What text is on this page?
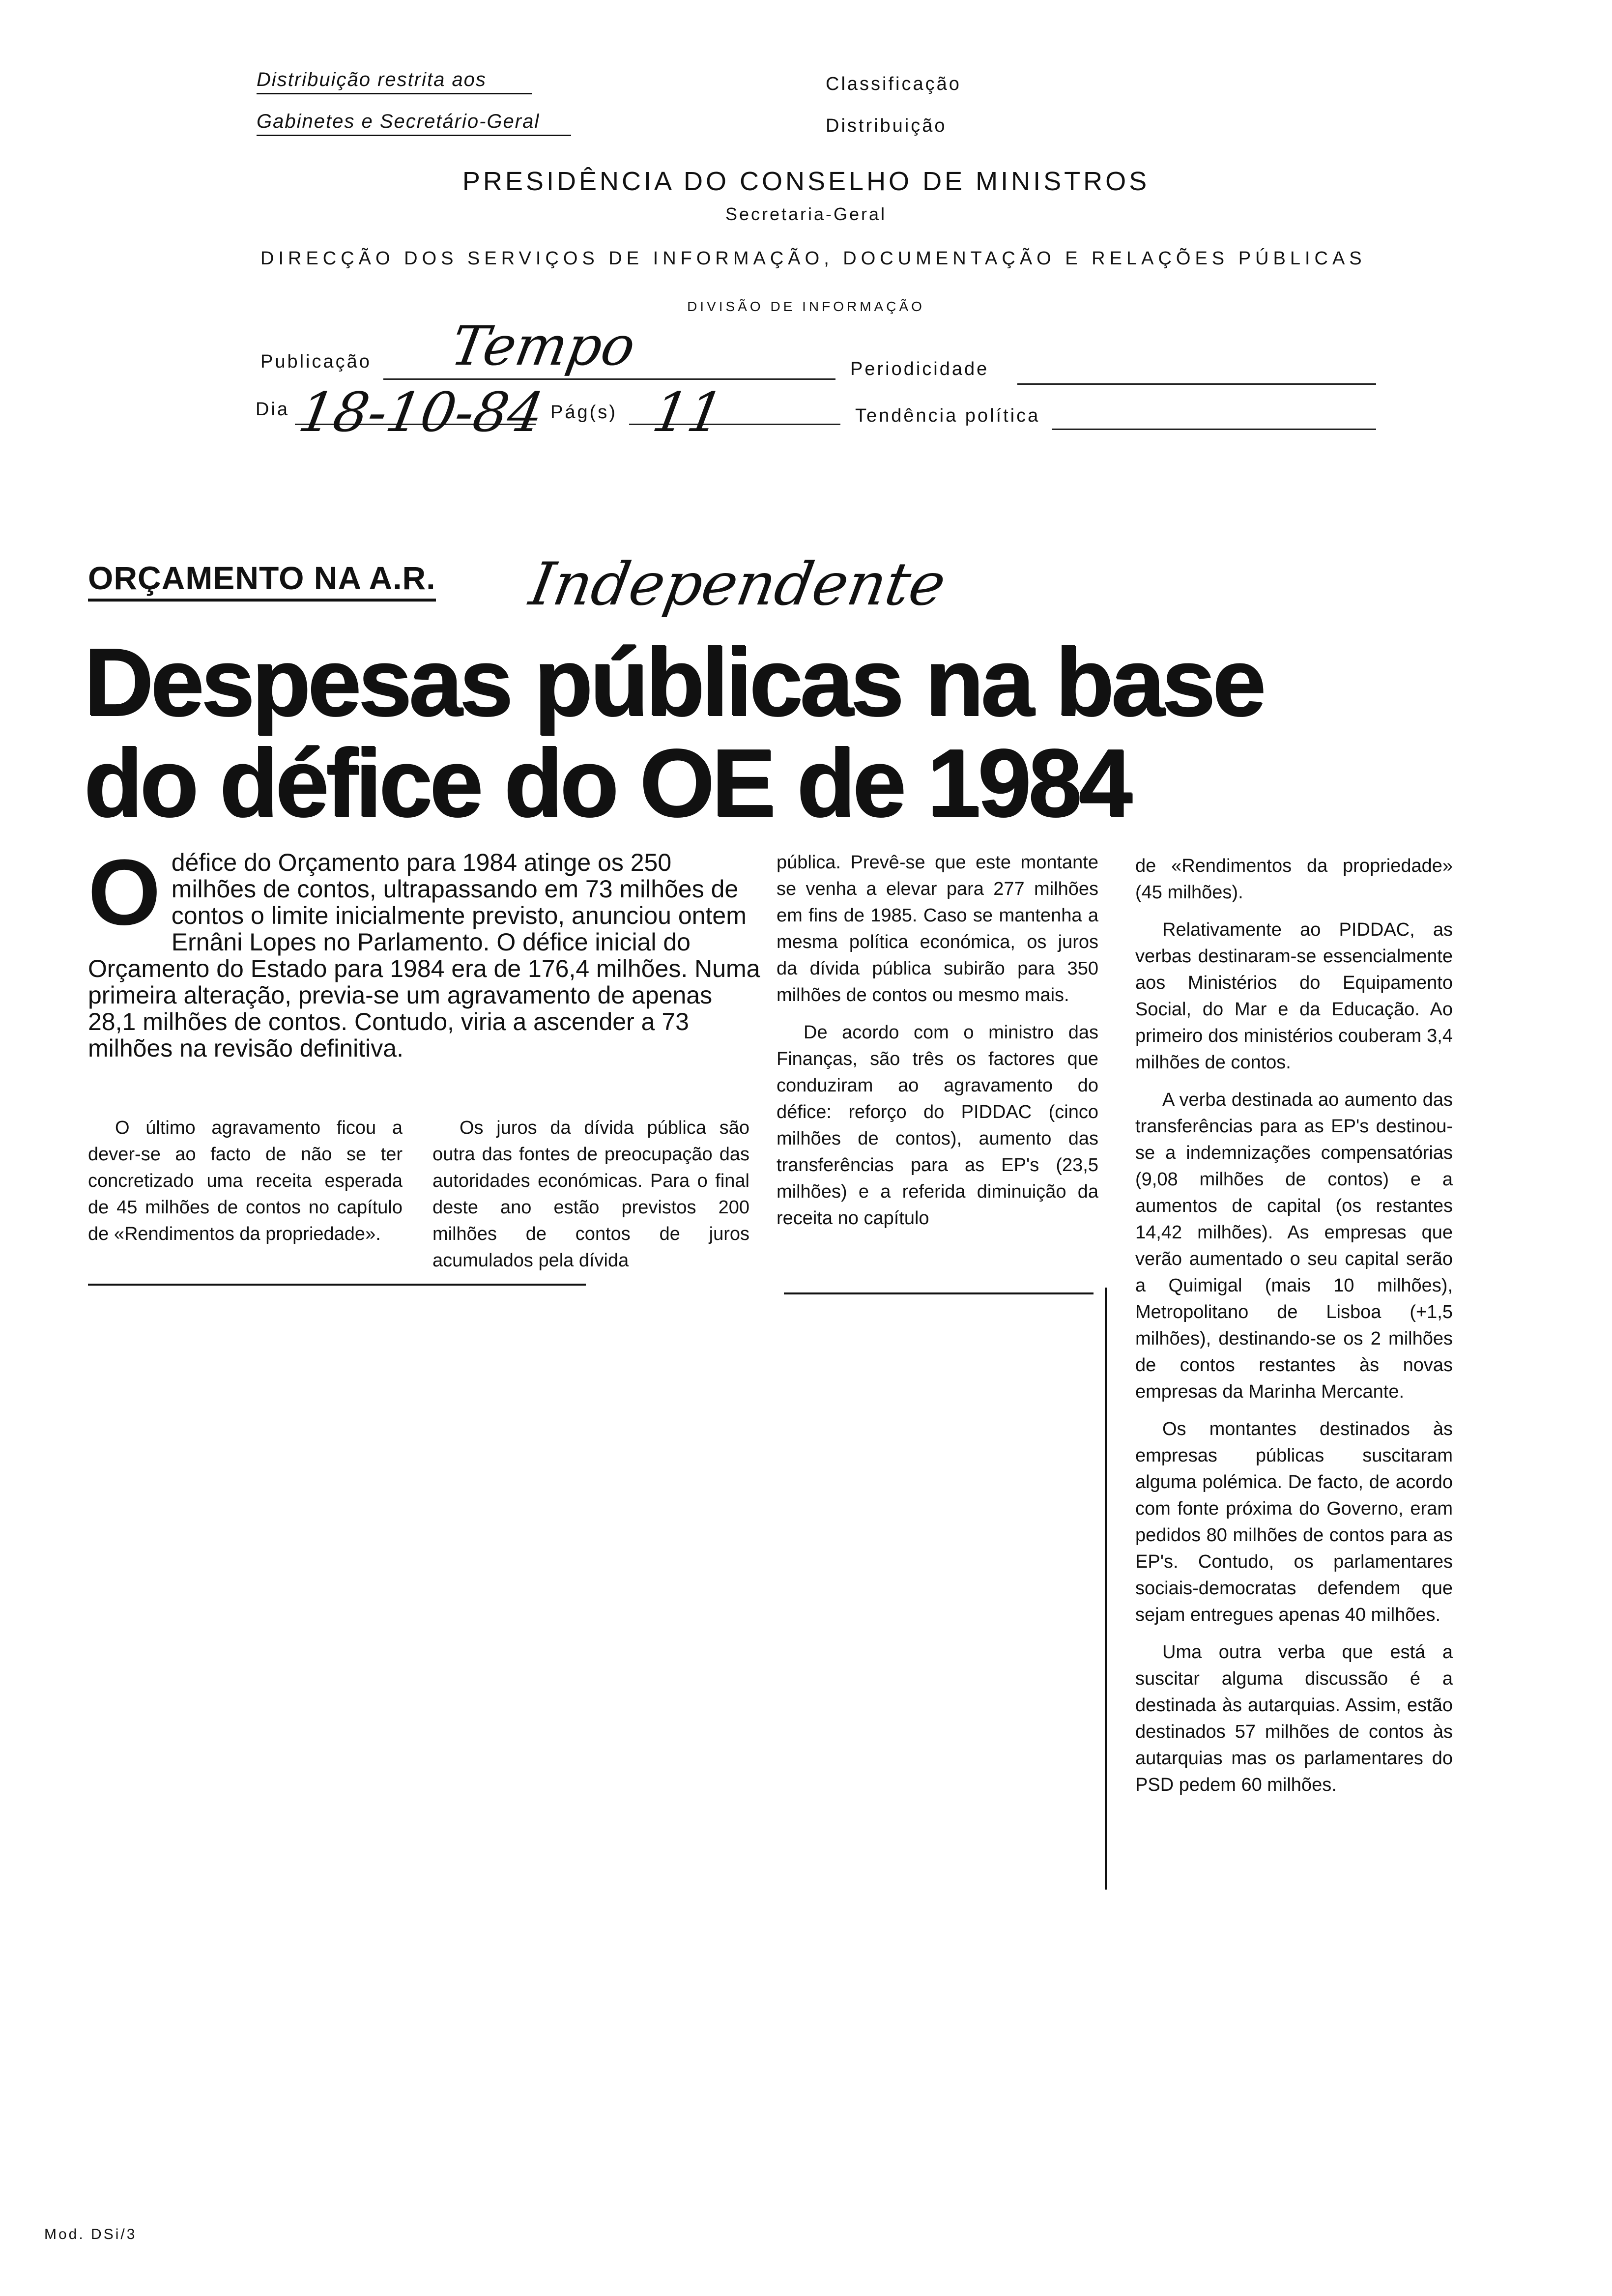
Distribuição restrita aos
Gabinetes e Secretário-Geral
Classificação
Distribuição
PRESIDÊNCIA DO CONSELHO DE MINISTROS
Secretaria-Geral
DIRECÇÃO DOS SERVIÇOS DE INFORMAÇÃO, DOCUMENTAÇÃO E RELAÇÕES PÚBLICAS
DIVISÃO DE INFORMAÇÃO
Publicação Tempo	Periodicidade
Dia 18-10-84 Pág(s) 11	Tendência política
ORÇAMENTO NA A.R. Independente
Despesas públicas na base
do défice do OE de 1984
O défice do Orçamento para 1984 atinge os 250 milhões de contos, ultrapassando em 73 milhões de contos o limite inicialmente previsto, anunciou ontem Ernâni Lopes no Parlamento. O défice inicial do Orçamento do Estado para 1984 era de 176,4 milhões. Numa primeira alteração, previa-se um agravamento de apenas 28,1 milhões de contos. Contudo, viria a ascender a 73 milhões na revisão definitiva.

O último agravamento ficou a dever-se ao facto de não se ter concretizado uma receita esperada de 45 milhões de contos no capítulo de «Rendimentos da propriedade».

Os juros da dívida pública são outra das fontes de preocupação das autoridades económicas. Para o final deste ano estão previstos 200 milhões de contos de juros acumulados pela dívida

pública. Prevê-se que este montante se venha a elevar para 277 milhões em fins de 1985. Caso se mantenha a mesma política económica, os juros da dívida pública subirão para 350 milhões de contos ou mesmo mais.

De acordo com o ministro das Finanças, são três os factores que conduziram ao agravamento do défice: reforço do PIDDAC (cinco milhões de contos), aumento das transferências para as EP's (23,5 milhões) e a referida diminuição da receita no capítulo

de «Rendimentos da propriedade» (45 milhões).

Relativamente ao PIDDAC, as verbas destinaram-se essencialmente aos Ministérios do Equipamento Social, do Mar e da Educação. Ao primeiro dos ministérios couberam 3,4 milhões de contos.

A verba destinada ao aumento das transferências para as EP's destinou-se a indemnizações compensatórias (9,08 milhões de contos) e a aumentos de capital (os restantes 14,42 milhões). As empresas que verão aumentado o seu capital serão a Quimigal (mais 10 milhões), Metropolitano de Lisboa (+1,5 milhões), destinando-se os 2 milhões de contos restantes às novas empresas da Marinha Mercante.

Os montantes destinados às empresas públicas suscitaram alguma polémica. De facto, de acordo com fonte próxima do Governo, eram pedidos 80 milhões de contos para as EP's. Contudo, os parlamentares sociais-democratas defendem que sejam entregues apenas 40 milhões.

Uma outra verba que está a suscitar alguma discussão é a destinada às autarquias. Assim, estão destinados 57 milhões de contos às autarquias mas os parlamentares do PSD pedem 60 milhões.

Mod. DSi/3
